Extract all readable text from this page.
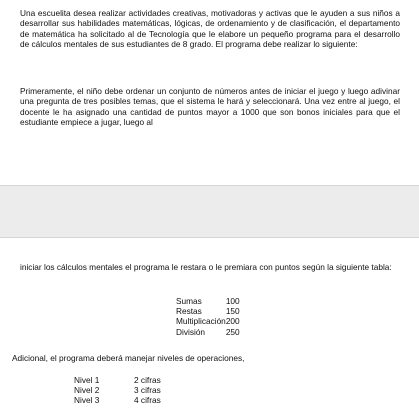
Una escuelita desea realizar actividades creativas, motivadoras y activas que le ayuden a sus niños a desarrollar sus habilidades matemáticas, lógicas, de ordenamiento y de clasificación, el departamento de matemática ha solicitado al de Tecnología que le elabore un pequeño programa para el desarrollo de cálculos mentales de sus estudiantes de 8 grado. El programa debe realizar lo siguiente:

Primeramente, el niño debe ordenar un conjunto de números antes de iniciar el juego y luego adivinar una pregunta de tres posibles temas, que el sistema le hará y seleccionará. Una vez entre al juego, el docente le ha asignado una cantidad de puntos mayor a 1000 que son bonos iniciales para que el estudiante empiece a jugar, luego al

iniciar los cálculos mentales el programa le restara o le premiara con puntos según la siguiente tabla:

Sumas	100
Restas	150
Multiplicación	200
División	250

Adicional, el programa deberá manejar niveles de operaciones,

Nivel 1	2 cifras
Nivel 2	3 cifras
Nivel 3	4 cifras
